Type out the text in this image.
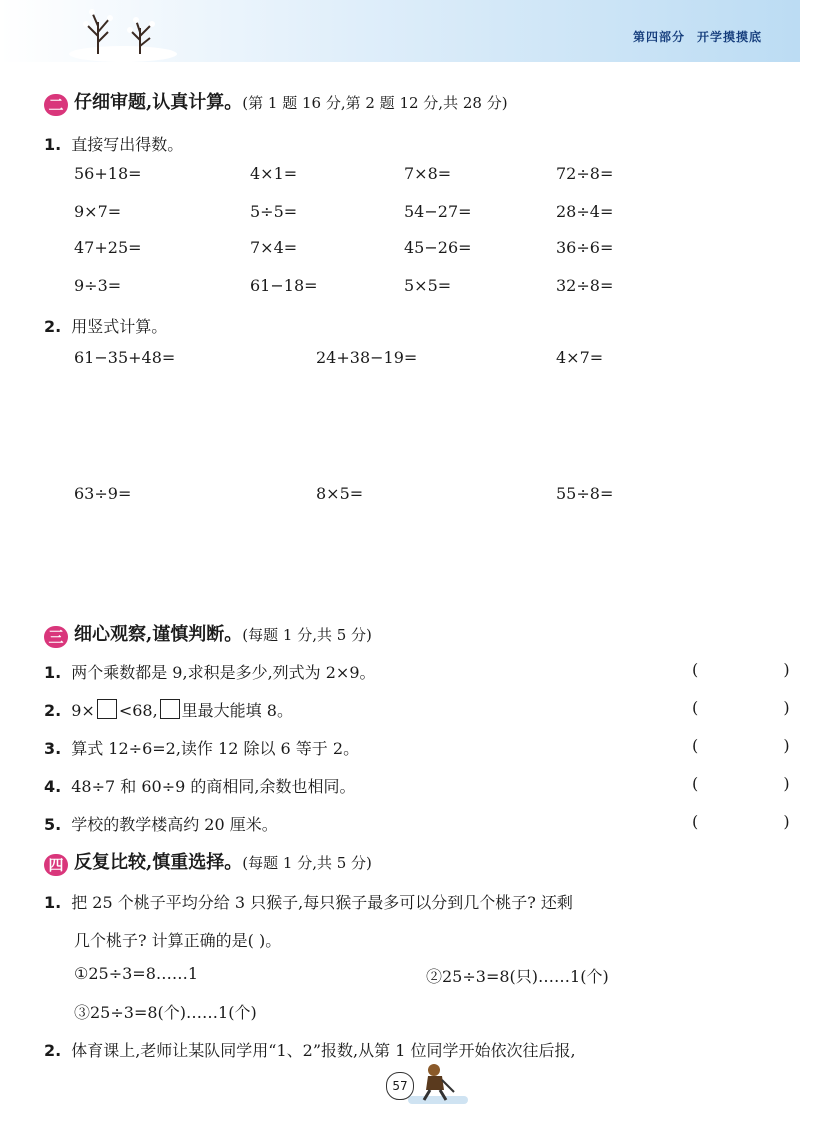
第四部分 开学摸摸底
二 仔细审题,认真计算。(第 1 题 16 分,第 2 题 12 分,共 28 分)
1. 直接写出得数。
56+18=	4×1=	7×8=	72÷8=
9×7=	5÷5=	54−27=	28÷4=
47+25=	7×4=	45−26=	36÷6=
9÷3=	61−18=	5×5=	32÷8=
2. 用竖式计算。
61−35+48=	24+38−19=	4×7=
63÷9=	8×5=	55÷8=
三 细心观察,谨慎判断。(每题 1 分,共 5 分)
1. 两个乘数都是 9,求积是多少,列式为 2×9。	( )
2. 9× <68, 里最大能填 8。	( )
3. 算式 12÷6=2,读作 12 除以 6 等于 2。	( )
4. 48÷7 和 60÷9 的商相同,余数也相同。	( )
5. 学校的教学楼高约 20 厘米。	( )
四 反复比较,慎重选择。(每题 1 分,共 5 分)
1. 把 25 个桃子平均分给 3 只猴子,每只猴子最多可以分到几个桃子? 还剩
几个桃子? 计算正确的是( )。
①25÷3=8……1	②25÷3=8(只)……1(个)
③25÷3=8(个)……1(个)
2. 体育课上,老师让某队同学用“1、2”报数,从第 1 位同学开始依次往后报,
57
